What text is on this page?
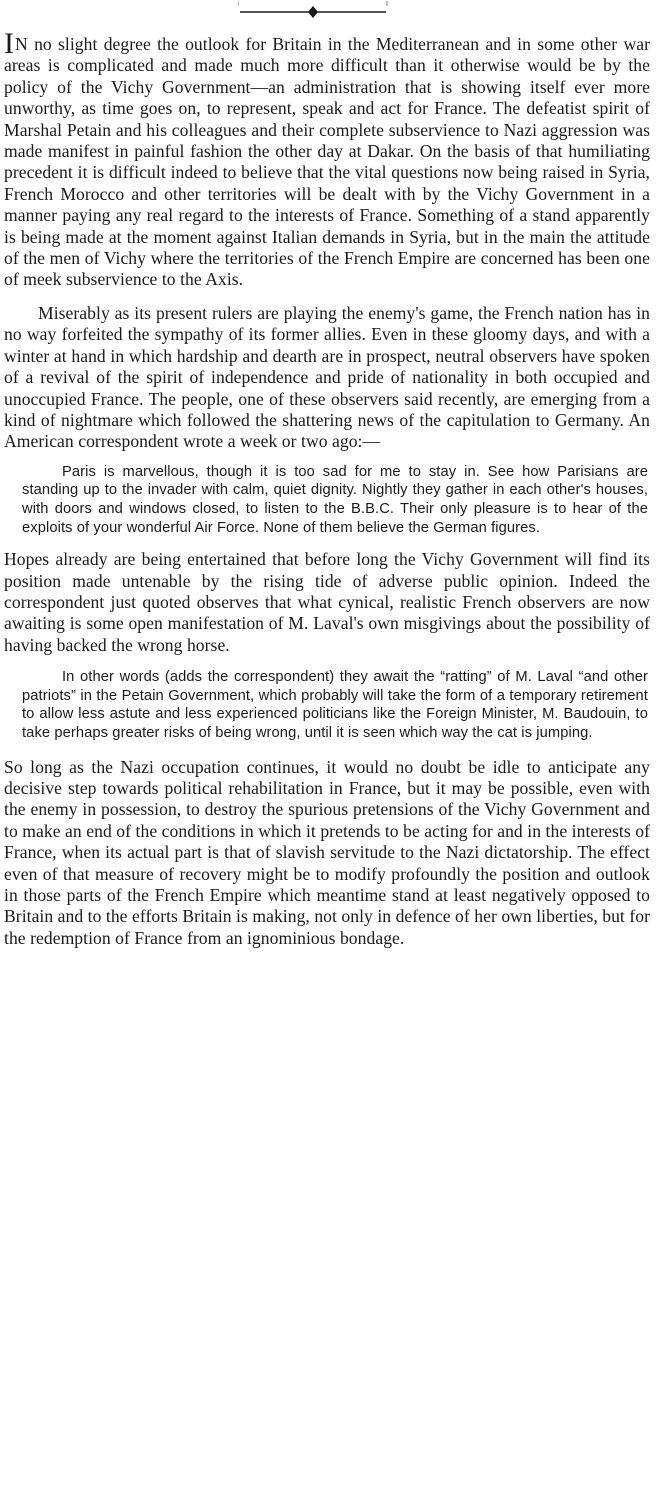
IN no slight degree the outlook for Britain in the Mediterranean and in some other war areas is complicated and made much more difficult than it otherwise would be by the policy of the Vichy Government—an administration that is showing itself ever more unworthy, as time goes on, to represent, speak and act for France. The defeatist spirit of Marshal Petain and his colleagues and their complete subservience to Nazi aggression was made manifest in painful fashion the other day at Dakar. On the basis of that humiliating precedent it is difficult indeed to believe that the vital questions now being raised in Syria, French Morocco and other territories will be dealt with by the Vichy Government in a manner paying any real regard to the interests of France. Something of a stand apparently is being made at the moment against Italian demands in Syria, but in the main the attitude of the men of Vichy where the territories of the French Empire are concerned has been one of meek subservience to the Axis.

Miserably as its present rulers are playing the enemy's game, the French nation has in no way forfeited the sympathy of its former allies. Even in these gloomy days, and with a winter at hand in which hardship and dearth are in prospect, neutral observers have spoken of a revival of the spirit of independence and pride of nationality in both occupied and unoccupied France. The people, one of these observers said recently, are emerging from a kind of nightmare which followed the shattering news of the capitulation to Germany. An American correspondent wrote a week or two ago:—

Paris is marvellous, though it is too sad for me to stay in. See how Parisians are standing up to the invader with calm, quiet dignity. Nightly they gather in each other's houses, with doors and windows closed, to listen to the B.B.C. Their only pleasure is to hear of the exploits of your wonderful Air Force. None of them believe the German figures.

Hopes already are being entertained that before long the Vichy Government will find its position made untenable by the rising tide of adverse public opinion. Indeed the correspondent just quoted observes that what cynical, realistic French observers are now awaiting is some open manifestation of M. Laval's own misgivings about the possibility of having backed the wrong horse.

In other words (adds the correspondent) they await the “ratting” of M. Laval “and other patriots” in the Petain Government, which probably will take the form of a temporary retirement to allow less astute and less experienced politicians like the Foreign Minister, M. Baudouin, to take perhaps greater risks of being wrong, until it is seen which way the cat is jumping.

So long as the Nazi occupation continues, it would no doubt be idle to anticipate any decisive step towards political rehabilitation in France, but it may be possible, even with the enemy in possession, to destroy the spurious pretensions of the Vichy Government and to make an end of the conditions in which it pretends to be acting for and in the interests of France, when its actual part is that of slavish servitude to the Nazi dictatorship. The effect even of that measure of recovery might be to modify profoundly the position and outlook in those parts of the French Empire which meantime stand at least negatively opposed to Britain and to the efforts Britain is making, not only in defence of her own liberties, but for the redemption of France from an ignominious bondage.
